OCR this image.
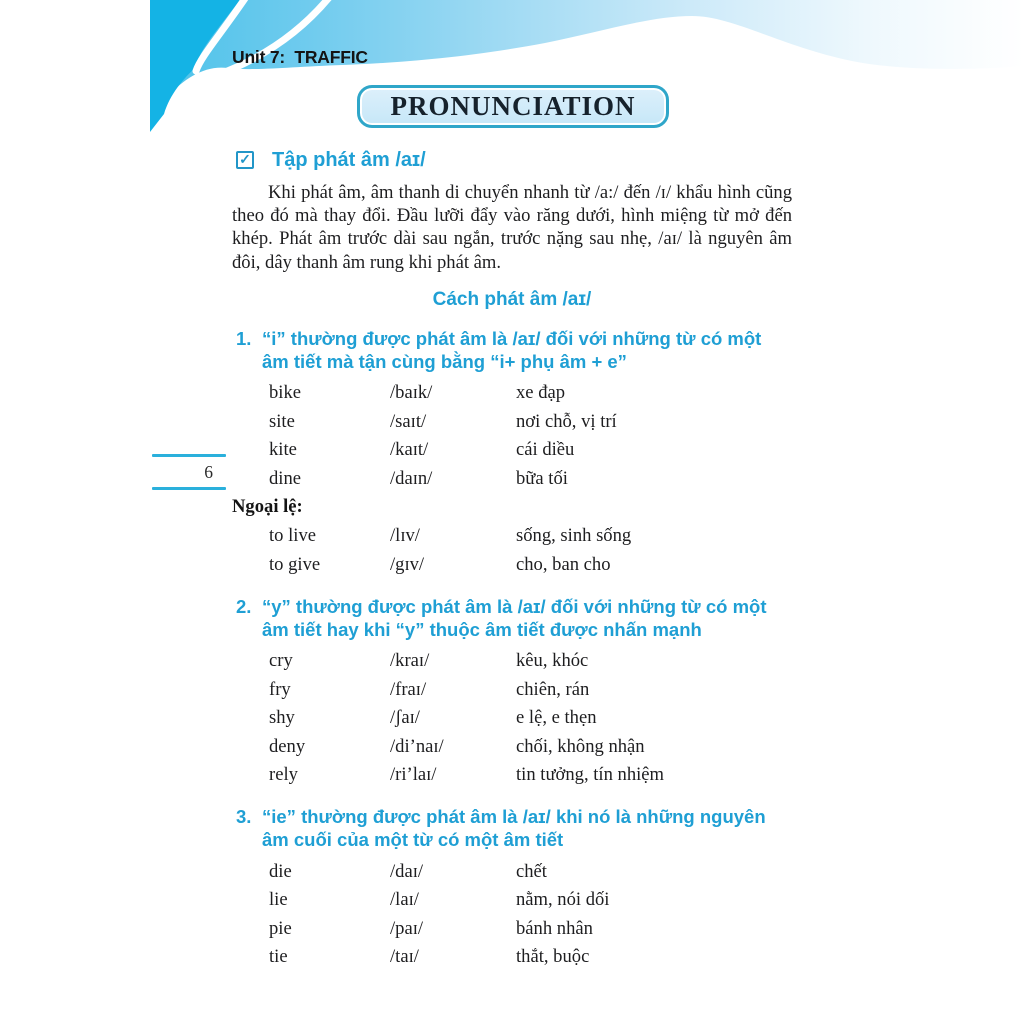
Unit 7:  TRAFFIC
PRONUNCIATION
6
✓ Tập phát âm /aɪ/
Khi phát âm, âm thanh di chuyển nhanh từ /a:/ đến /ɪ/ khẩu hình cũng theo đó mà thay đổi. Đầu lưỡi đẩy vào răng dưới, hình miệng từ mở đến khép. Phát âm trước dài sau ngắn, trước nặng sau nhẹ, /aɪ/ là nguyên âm đôi, dây thanh âm rung khi phát âm.
Cách phát âm /aɪ/
1. “i” thường được phát âm là /aɪ/ đối với những từ có một âm tiết mà tận cùng bằng “i+ phụ âm + e”
bike	/baɪk/	xe đạp
site	/saɪt/	nơi chỗ, vị trí
kite	/kaɪt/	cái diều
dine	/daɪn/	bữa tối
Ngoại lệ:
to live	/lɪv/	sống, sinh sống
to give	/gɪv/	cho, ban cho
2. “y” thường được phát âm là /aɪ/ đối với những từ có một âm tiết hay khi “y” thuộc âm tiết được nhấn mạnh
cry	/kraɪ/	kêu, khóc
fry	/fraɪ/	chiên, rán
shy	/ʃaɪ/	e lệ, e thẹn
deny	/di’naɪ/	chối, không nhận
rely	/ri’laɪ/	tin tưởng, tín nhiệm
3. “ie” thường được phát âm là /aɪ/ khi nó là những nguyên âm cuối của một từ có một âm tiết
die	/daɪ/	chết
lie	/laɪ/	nằm, nói dối
pie	/paɪ/	bánh nhân
tie	/taɪ/	thắt, buộc
